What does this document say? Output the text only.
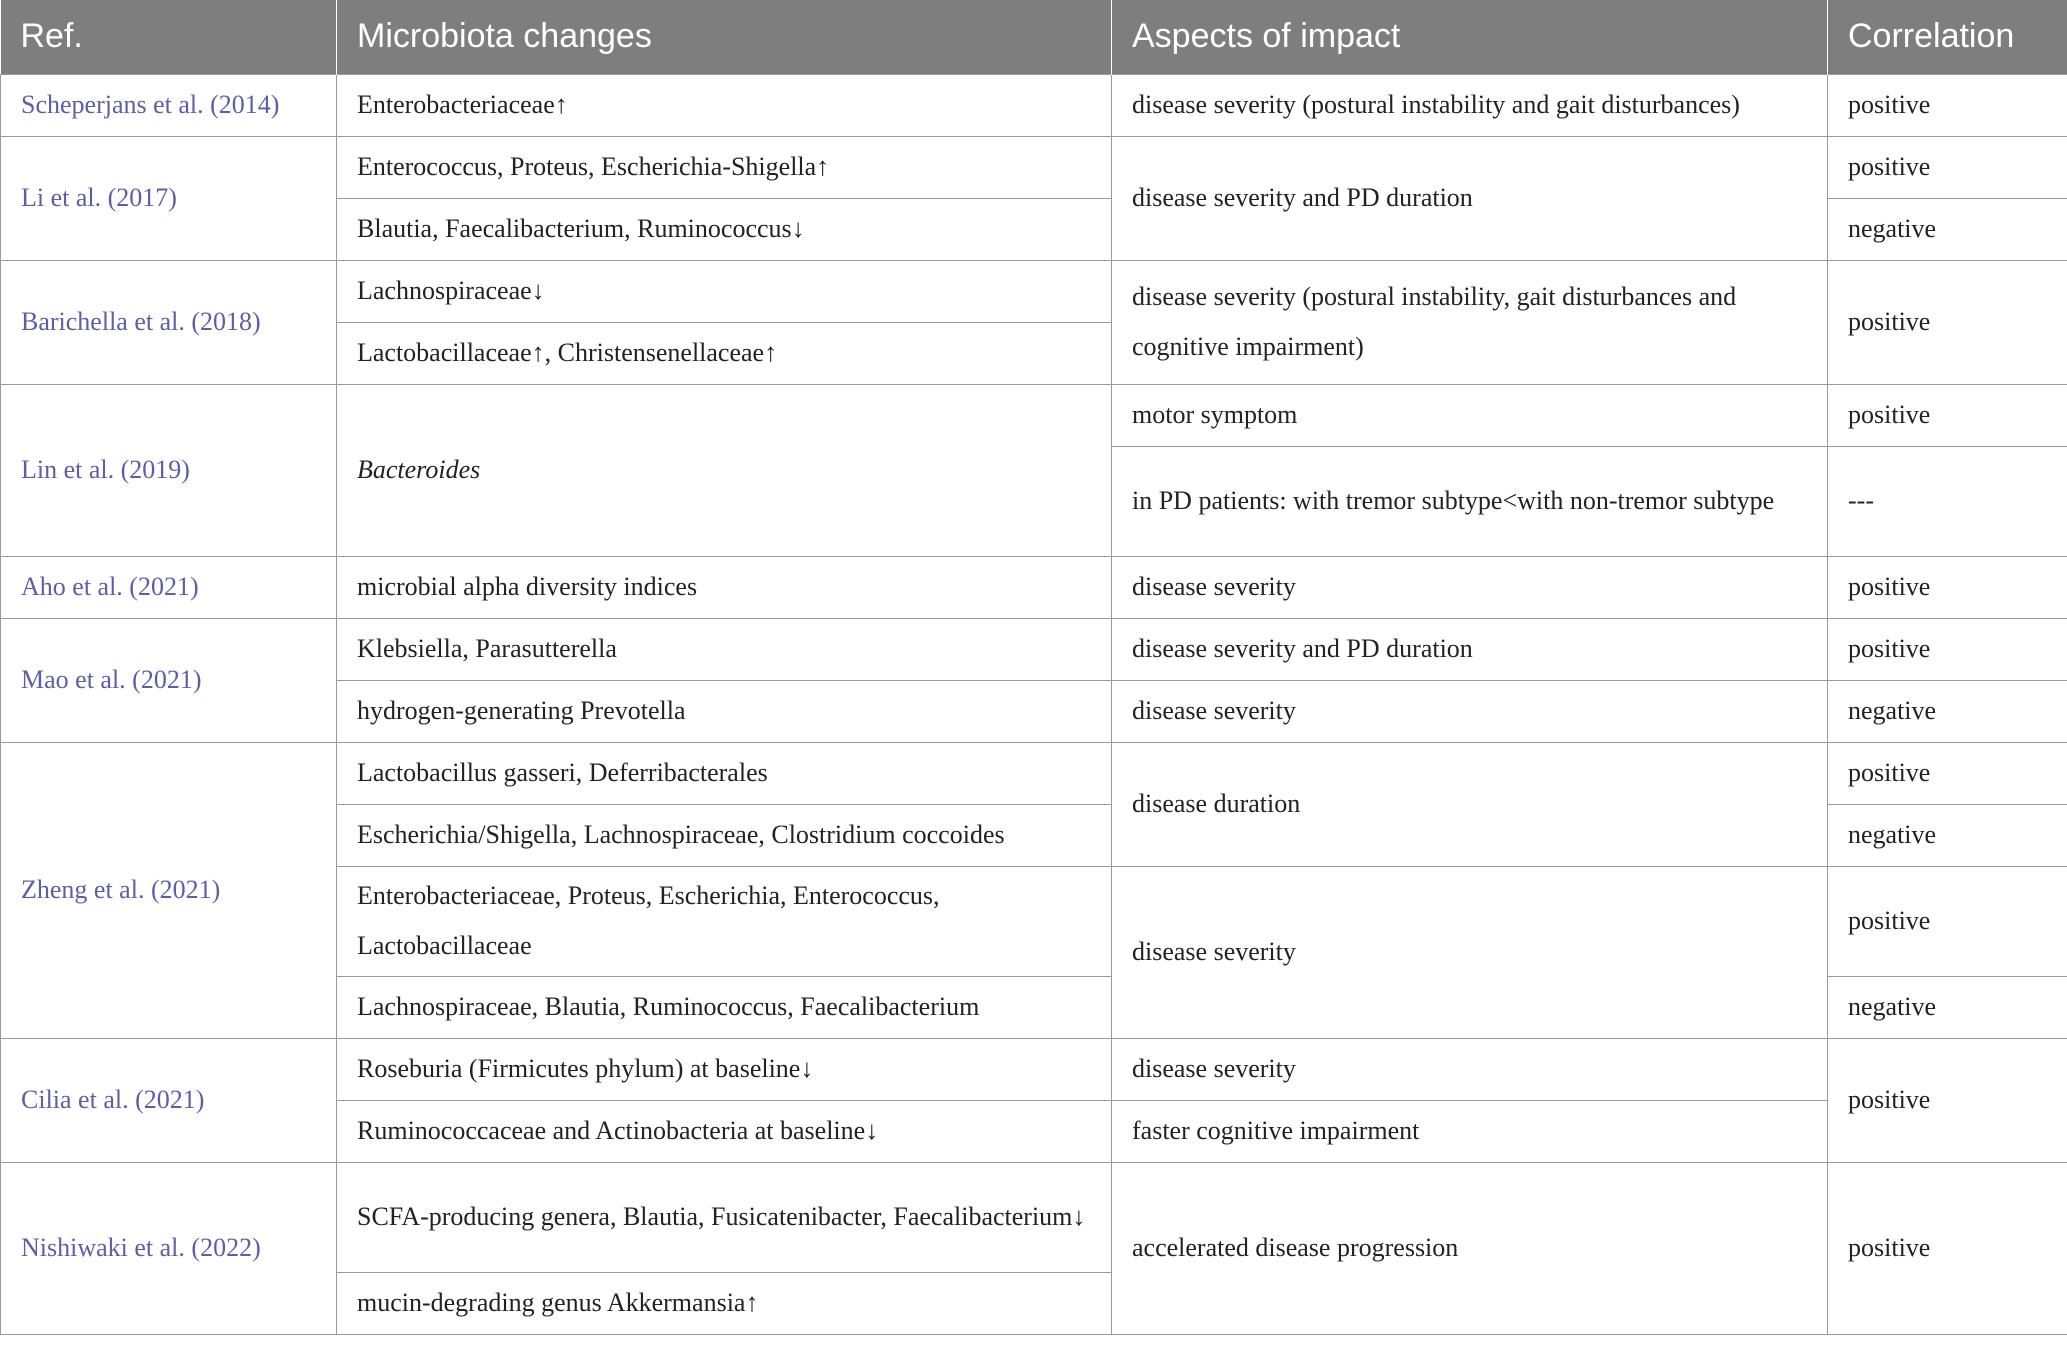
Ref.	Microbiota changes	Aspects of impact	Correlation
Scheperjans et al. (2014)	Enterobacteriaceae↑	disease severity (postural instability and gait disturbances)	positive
Li et al. (2017)	Enterococcus, Proteus, Escherichia-Shigella↑	disease severity and PD duration	positive
	Blautia, Faecalibacterium, Ruminococcus↓		negative
Barichella et al. (2018)	Lachnospiraceae↓	disease severity (postural instability, gait disturbances and cognitive impairment)	positive
	Lactobacillaceae↑, Christensenellaceae↑		
Lin et al. (2019)	Bacteroides	motor symptom	positive
		in PD patients: with tremor subtype<with non-tremor subtype	---
Aho et al. (2021)	microbial alpha diversity indices	disease severity	positive
Mao et al. (2021)	Klebsiella, Parasutterella	disease severity and PD duration	positive
	hydrogen-generating Prevotella	disease severity	negative
Zheng et al. (2021)	Lactobacillus gasseri, Deferribacterales	disease duration	positive
	Escherichia/Shigella, Lachnospiraceae, Clostridium coccoides		negative
	Enterobacteriaceae, Proteus, Escherichia, Enterococcus, Lactobacillaceae	disease severity	positive
	Lachnospiraceae, Blautia, Ruminococcus, Faecalibacterium		negative
Cilia et al. (2021)	Roseburia (Firmicutes phylum) at baseline↓	disease severity	positive
	Ruminococcaceae and Actinobacteria at baseline↓	faster cognitive impairment	
Nishiwaki et al. (2022)	SCFA-producing genera, Blautia, Fusicatenibacter, Faecalibacterium↓	accelerated disease progression	positive
	mucin-degrading genus Akkermansia↑		
